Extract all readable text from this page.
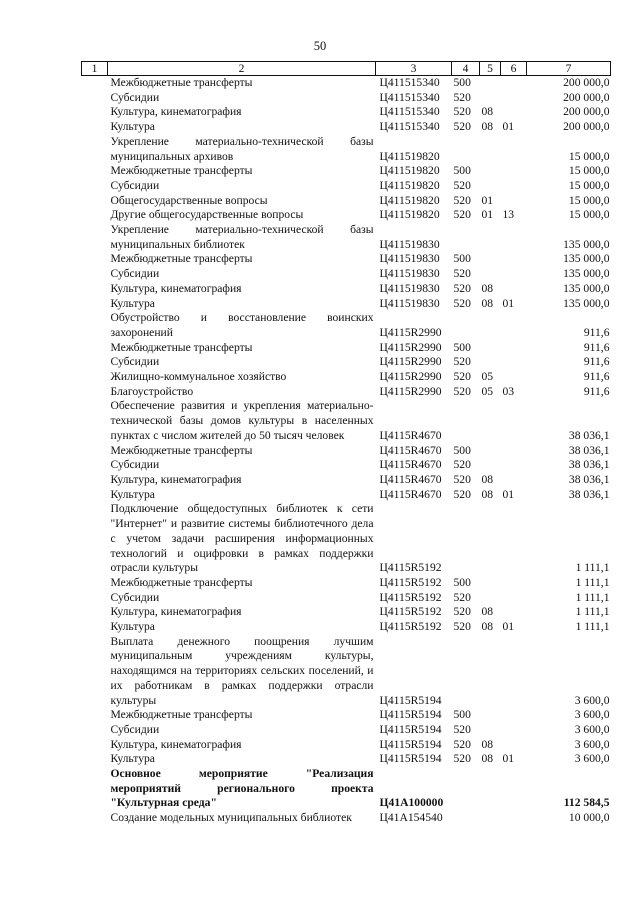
50
1	2	3	4	5	6	7
	Межбюджетные трансферты	Ц411515340	500			200 000,0
	Субсидии	Ц411515340	520			200 000,0
	Культура, кинематография	Ц411515340	520	08		200 000,0
	Культура	Ц411515340	520	08	01	200 000,0
	Укрепление материально-технической базы муниципальных архивов	Ц411519820				15 000,0
	Межбюджетные трансферты	Ц411519820	500			15 000,0
	Субсидии	Ц411519820	520			15 000,0
	Общегосударственные вопросы	Ц411519820	520	01		15 000,0
	Другие общегосударственные вопросы	Ц411519820	520	01	13	15 000,0
	Укрепление материально-технической базы муниципальных библиотек	Ц411519830				135 000,0
	Межбюджетные трансферты	Ц411519830	500			135 000,0
	Субсидии	Ц411519830	520			135 000,0
	Культура, кинематография	Ц411519830	520	08		135 000,0
	Культура	Ц411519830	520	08	01	135 000,0
	Обустройство и восстановление воинских захоронений	Ц4115R2990				911,6
	Межбюджетные трансферты	Ц4115R2990	500			911,6
	Субсидии	Ц4115R2990	520			911,6
	Жилищно-коммунальное хозяйство	Ц4115R2990	520	05		911,6
	Благоустройство	Ц4115R2990	520	05	03	911,6
	Обеспечение развития и укрепления материально-технической базы домов культуры в населенных пунктах с числом жителей до 50 тысяч человек	Ц4115R4670				38 036,1
	Межбюджетные трансферты	Ц4115R4670	500			38 036,1
	Субсидии	Ц4115R4670	520			38 036,1
	Культура, кинематография	Ц4115R4670	520	08		38 036,1
	Культура	Ц4115R4670	520	08	01	38 036,1
	Подключение общедоступных библиотек к сети "Интернет" и развитие системы библиотечного дела с учетом задачи расширения информационных технологий и оцифровки в рамках поддержки отрасли культуры	Ц4115R5192				1 111,1
	Межбюджетные трансферты	Ц4115R5192	500			1 111,1
	Субсидии	Ц4115R5192	520			1 111,1
	Культура, кинематография	Ц4115R5192	520	08		1 111,1
	Культура	Ц4115R5192	520	08	01	1 111,1
	Выплата денежного поощрения лучшим муниципальным учреждениям культуры, находящимся на территориях сельских поселений, и их работникам в рамках поддержки отрасли культуры	Ц4115R5194				3 600,0
	Межбюджетные трансферты	Ц4115R5194	500			3 600,0
	Субсидии	Ц4115R5194	520			3 600,0
	Культура, кинематография	Ц4115R5194	520	08		3 600,0
	Культура	Ц4115R5194	520	08	01	3 600,0
	Основное мероприятие "Реализация мероприятий регионального проекта "Культурная среда"	Ц41А100000				112 584,5
	Создание модельных муниципальных библиотек	Ц41А154540				10 000,0
